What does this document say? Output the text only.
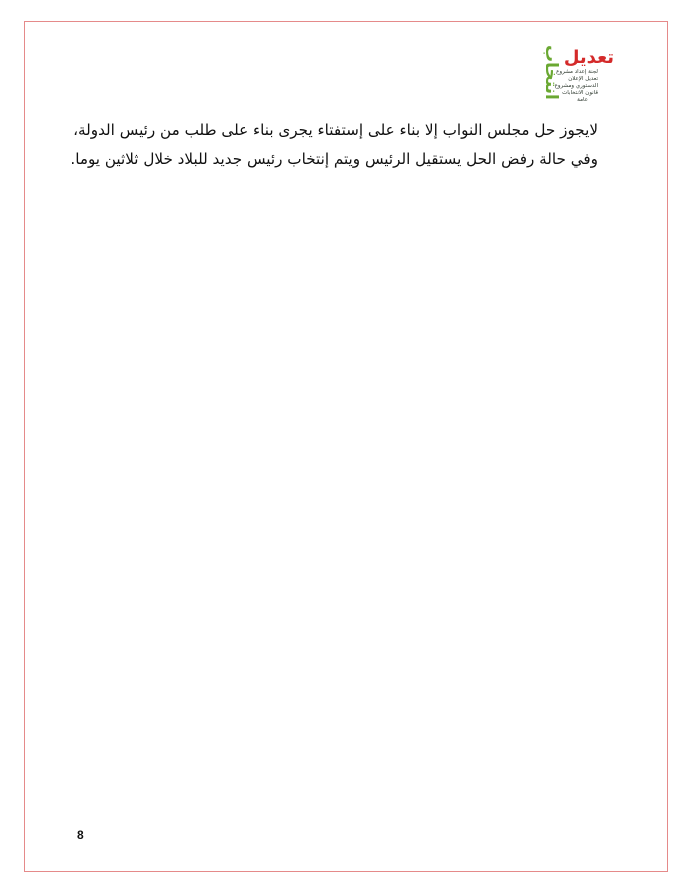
انتخاب تعديل
لجنة إعداد مشروع
تعديل الإعلان
الدستوري ومشروع
قانون الانتخابات
عامة

لايجوز حل مجلس النواب إلا بناء على إستفتاء يجرى بناء على طلب من رئيس الدولة، وفي حالة رفض الحل يستقيل الرئيس ويتم إنتخاب رئيس جديد للبلاد خلال ثلاثين يوما.

8
